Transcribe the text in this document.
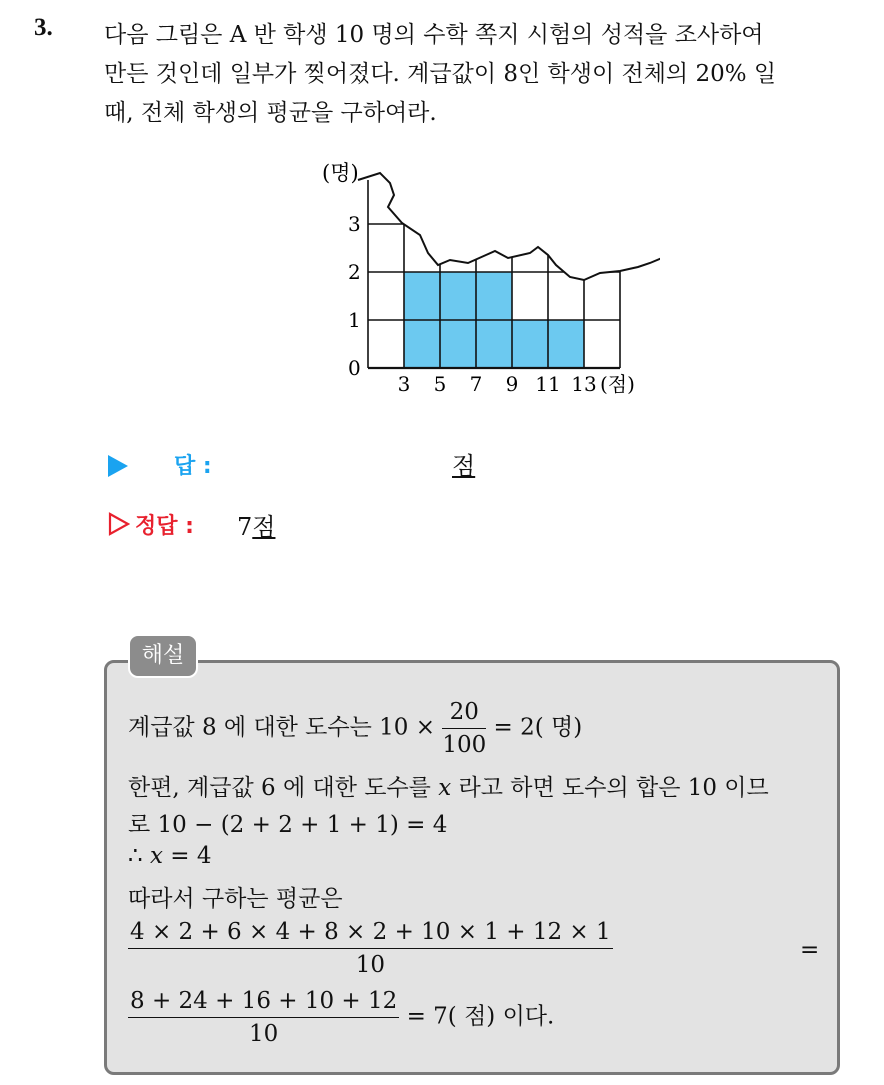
3. 다음 그림은 A 반 학생 10 명의 수학 쪽지 시험의 성적을 조사하여
만든 것인데 일부가 찢어졌다. 계급값이 8인 학생이 전체의 20% 일
때, 전체 학생의 평균을 구하여라.
0
1
2
3
3 5 7 9 11 13 (점)
(명)
답 :	점
정답 : 7점
해설
계급값 8 에 대한 도수는 $10 \times \frac{20}{100} = 2$( 명)
한편, 계급값 6 에 대한 도수를 x 라고 하면 도수의 합은 10 이므
로 10 − (2 + 2 + 1 + 1) = 4
∴ x = 4
따라서 구하는 평균은
$\frac{4 \times 2 + 6 \times 4 + 8 \times 2 + 10 \times 1 + 12 \times 1}{10}$	=
$\frac{8 + 24 + 16 + 10 + 12}{10} = 7$( 점) 이다.
